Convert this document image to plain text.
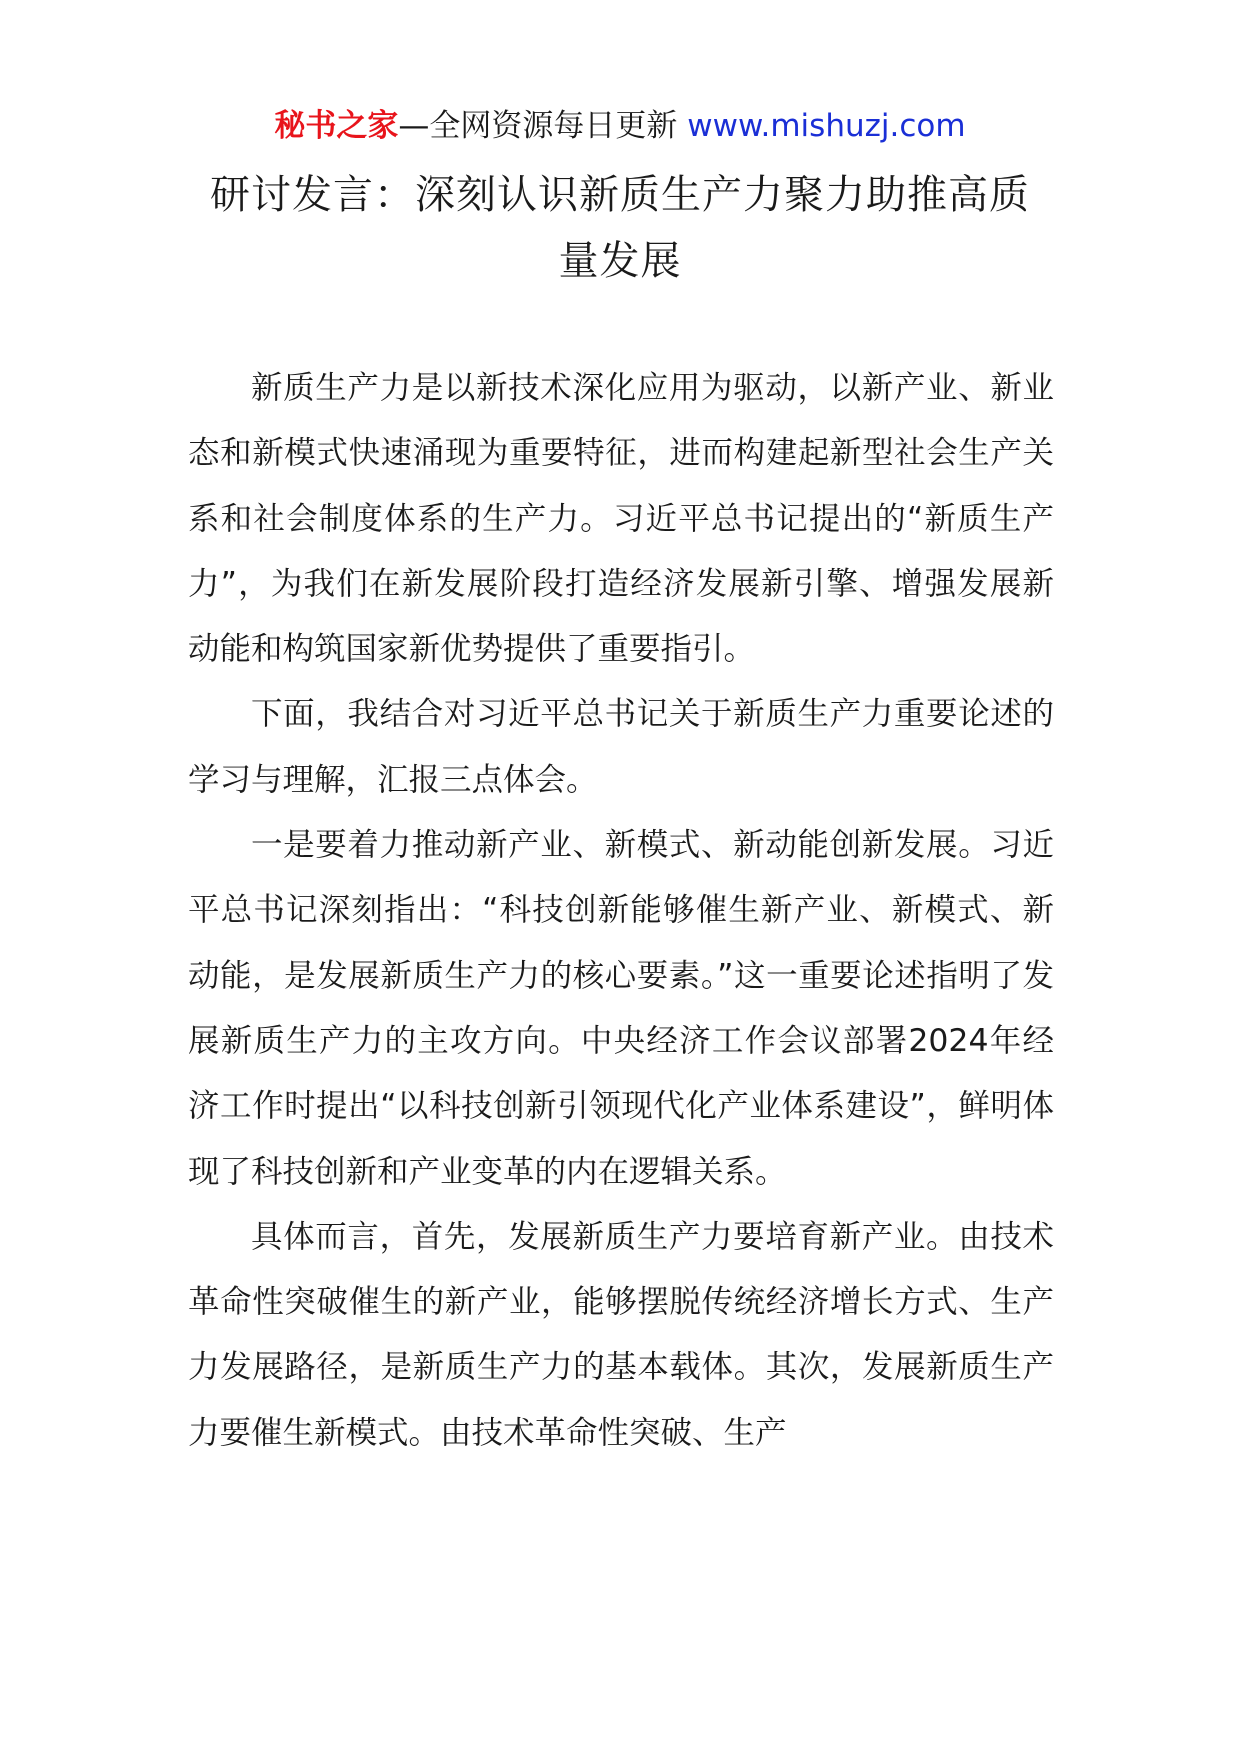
秘书之家—全网资源每日更新 www.mishuzj.com
研讨发言：深刻认识新质生产力聚力助推高质量发展

新质生产力是以新技术深化应用为驱动，以新产业、新业态和新模式快速涌现为重要特征，进而构建起新型社会生产关系和社会制度体系的生产力。习近平总书记提出的“新质生产力”，为我们在新发展阶段打造经济发展新引擎、增强发展新动能和构筑国家新优势提供了重要指引。

下面，我结合对习近平总书记关于新质生产力重要论述的学习与理解，汇报三点体会。

一是要着力推动新产业、新模式、新动能创新发展。习近平总书记深刻指出：“科技创新能够催生新产业、新模式、新动能，是发展新质生产力的核心要素。”这一重要论述指明了发展新质生产力的主攻方向。中央经济工作会议部署2024年经济工作时提出“以科技创新引领现代化产业体系建设”，鲜明体现了科技创新和产业变革的内在逻辑关系。

具体而言，首先，发展新质生产力要培育新产业。由技术革命性突破催生的新产业，能够摆脱传统经济增长方式、生产力发展路径，是新质生产力的基本载体。其次，发展新质生产力要催生新模式。由技术革命性突破、生产
